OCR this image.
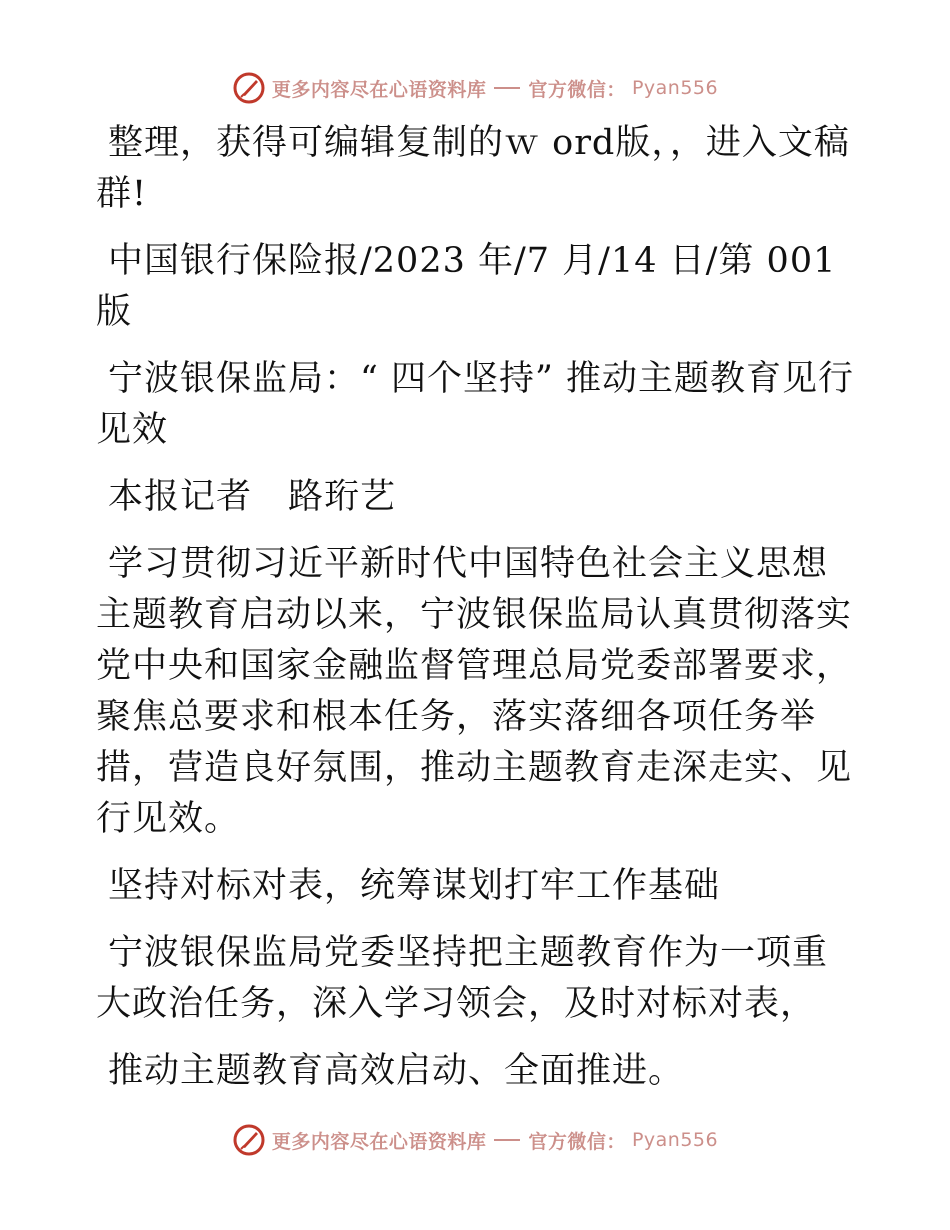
更多内容尽在心语资料库 官方微信： Pyan556

整理，获得可编辑复制的ｗ ord版，，进入文稿群!

中国银行保险报/2023 年/7 月/14 日/第 001 版

宁波银保监局：“ 四个坚持” 推动主题教育见行见效

本报记者　路珩艺

学习贯彻习近平新时代中国特色社会主义思想主题教育启动以来，宁波银保监局认真贯彻落实党中央和国家金融监督管理总局党委部署要求，聚焦总要求和根本任务，落实落细各项任务举措，营造良好氛围，推动主题教育走深走实、见行见效。

坚持对标对表，统筹谋划打牢工作基础

宁波银保监局党委坚持把主题教育作为一项重大政治任务，深入学习领会，及时对标对表，

推动主题教育高效启动、全面推进。

更多内容尽在心语资料库 官方微信： Pyan556
